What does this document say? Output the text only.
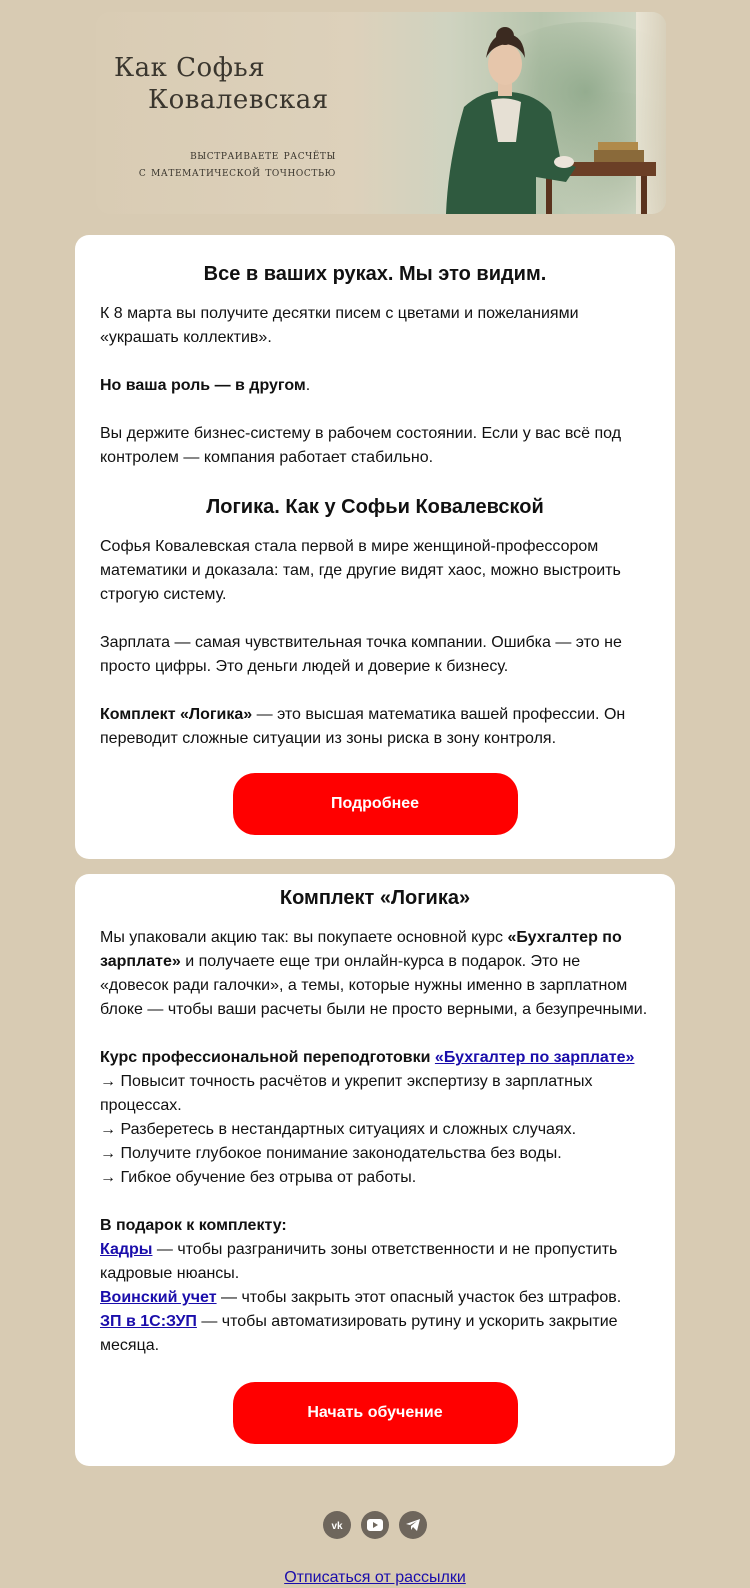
Как Софья
Ковалевская
выстраиваете расчёты
с математической точностью
Все в ваших руках. Мы это видим.

К 8 марта вы получите десятки писем с цветами и пожеланиями «украшать коллектив».

Но ваша роль — в другом.

Вы держите бизнес-систему в рабочем состоянии. Если у вас всё под контролем — компания работает стабильно.

Логика. Как у Софьи Ковалевской

Софья Ковалевская стала первой в мире женщиной-профессором математики и доказала: там, где другие видят хаос, можно выстроить строгую систему.

Зарплата — самая чувствительная точка компании. Ошибка — это не просто цифры. Это деньги людей и доверие к бизнесу.

Комплект «Логика» — это высшая математика вашей профессии. Он переводит сложные ситуации из зоны риска в зону контроля.

Подробнее
Комплект «Логика»

Мы упаковали акцию так: вы покупаете основной курс «Бухгалтер по зарплате» и получаете еще три онлайн-курса в подарок. Это не «довесок ради галочки», а темы, которые нужны именно в зарплатном блоке — чтобы ваши расчеты были не просто верными, а безупречными.

Курс профессиональной переподготовки «Бухгалтер по зарплате»

→ Повысит точность расчётов и укрепит экспертизу в зарплатных процессах.

→ Разберетесь в нестандартных ситуациях и сложных случаях.

→ Получите глубокое понимание законодательства без воды.

→ Гибкое обучение без отрыва от работы.

В подарок к комплекту:

Кадры — чтобы разграничить зоны ответственности и не пропустить кадровые нюансы.

Воинский учет — чтобы закрыть этот опасный участок без штрафов.

ЗП в 1С:ЗУП — чтобы автоматизировать рутину и ускорить закрытие месяца.

Начать обучение
vk
Отписаться от рассылки
